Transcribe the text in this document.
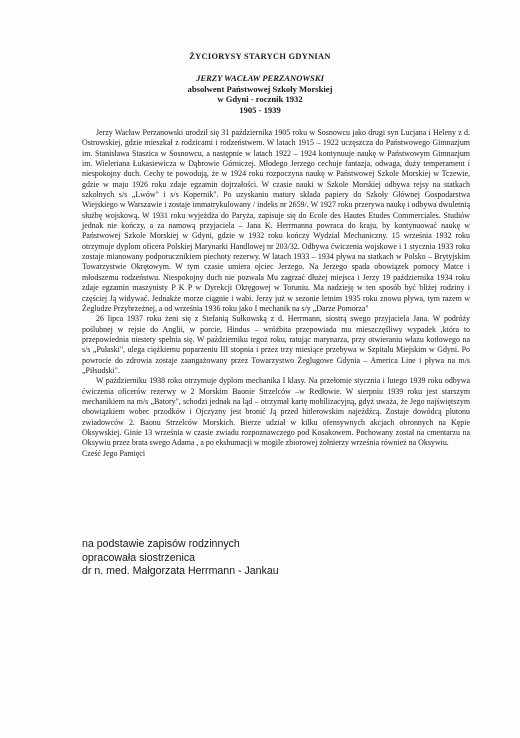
ŻYCIORYSY STARYCH GDYNIAN
JERZY WACŁAW PERZANOWSKI
absolwent Państwowej Szkoły Morskiej
w Gdyni - rocznik 1932
1905 - 1939

Jerzy Wacław Perzanowski urodził się 31 października 1905 roku w Sosnowcu jako drugi syn Lucjana i Heleny z d. Ostrowskiej, gdzie mieszkał z rodzicami i rodzeństwem. W latach 1915 – 1922 uczęszcza do Państwowego Gimnazjum im. Stanisława Staszica w Sosnowcu, a następnie w latach 1922 – 1924 kontynuuje naukę w Państwowym Gimnazjum im. Wieleriana Łukasiewicza w Dąbrowie Górniczej. Młodego Jerzego cechuje fantazja, odwaga, duży temperament i niespokojny duch. Cechy te powodują, że w 1924 roku rozpoczyna naukę w Państwowej Szkole Morskiej w Tczewie, gdzie w maju 1926 roku zdaje egzamin dojrzałości. W czasie nauki w Szkole Morskiej odbywa rejsy na statkach szkolnych s/s „Lwów" i s/s Kopernik". Po uzyskaniu matury składa papiery do Szkoły Głównej Gospodarstwa Wiejskiego w Warszawie i zostaje immatrykulowany / indeks nr 2659/. W 1927 roku przerywa naukę i odbywa dwuletnią służbę wojskową. W 1931 roku wyjeżdża do Paryża, zapisuje się do Ecole des Hautes Etudes Commerciales. Studiów jednak nie kończy, a za namową przyjaciela – Jana K. Herrmanna powraca do kraju, by kontynuować naukę w Państwowej Szkole Morskiej w Gdyni, gdzie w 1932 roku kończy Wydział Mechaniczny. 15 września 1932 roku otrzymuje dyplom oficera Polskiej Marynarki Handlowej nr 203/32. Odbywa ćwiczenia wojskowe i 1 stycznia 1933 roku zostaje mianowany podporucznikiem piechoty rezerwy. W latach 1933 – 1934 pływa na statkach w Polsko – Brytyjskim Towarzystwie Okrętowym. W tym czasie umiera ojciec Jerzego. Na Jerzego spada obowiązek pomocy Matce i młodszemu rodzeństwu. Niespokojny duch nie pozwala Mu zagrzać dłużej miejsca i Jerzy 19 października 1934 roku zdaje egzamin maszynisty P K P w Dyrekcji Okręgowej w Toruniu. Ma nadzieję w ten sposób być bliżej rodziny i częściej Ją widywać. Jednakże morze ciągnie i wabi. Jerzy już w sezonie letnim 1935 roku znowu pływa, tym razem w Żegludze Przybrzeżnej, a od września 1936 roku jako I mechanik na s/y „Darze Pomorza"

26 lipca 1937 roku żeni się z Stefanią Sułkowską z d. Herrmann, siostrą swego przyjaciela Jana. W podróży poślubnej w rejsie do Anglii, w porcie, Hindus – wróżbita przepowiada mu mieszczęśliwy wypadek ,która to przepowiednia niestety spełnia się. W październiku tegoż roku, ratując marynarza, przy otwieraniu włazu kotłowego na s/s „Pułaski", ulega ciężkiemu poparzeniu III stopnia i przez trzy miesiące przebywa w Szpitalu Miejskim w Gdyni. Po powrocie do zdrowia zostaje zaangażowany przez Towarzystwo Żeglugowe Gdynia – America Line i pływa na m/s „Piłsudski".

W październiku 1938 roku otrzymuje dyplom mechanika I klasy. Na przełomie stycznia i lutego 1939 roku odbywa ćwiczenia oficerów rezerwy w 2 Morskim Baonie Strzelców –w Redłowie. W sierpniu 1939 roku jest starszym mechanikiem na m/s „Batory", schodzi jednak na ląd – otrzymał kartę mobilizacyjną, gdyż uważa, że Jego najświętszym obowiązkiem wobec przodków i Ojczyzny jest bronić Ją przed hitlerowskim najeźdźcą. Zostaje dowódcą plutonu zwiadowców 2. Baonu Strzelców Morskich. Bierze udział w kilku ofensywnych akcjach obronnych na Kępie Oksywskiej. Ginie 13 września w czasie zwiadu rozpoznawczego pod Kosakowem. Pochowany został na cmentarzu na Oksywiu przez brata swego Adama , a po ekshumacji w mogile zbiorowej żołnierzy września również na Oksywiu.

Cześć Jego Pamięci

na podstawie zapisów rodzinnych
opracowała siostrzenica
dr n. med. Małgorzata Herrmann - Jankau
